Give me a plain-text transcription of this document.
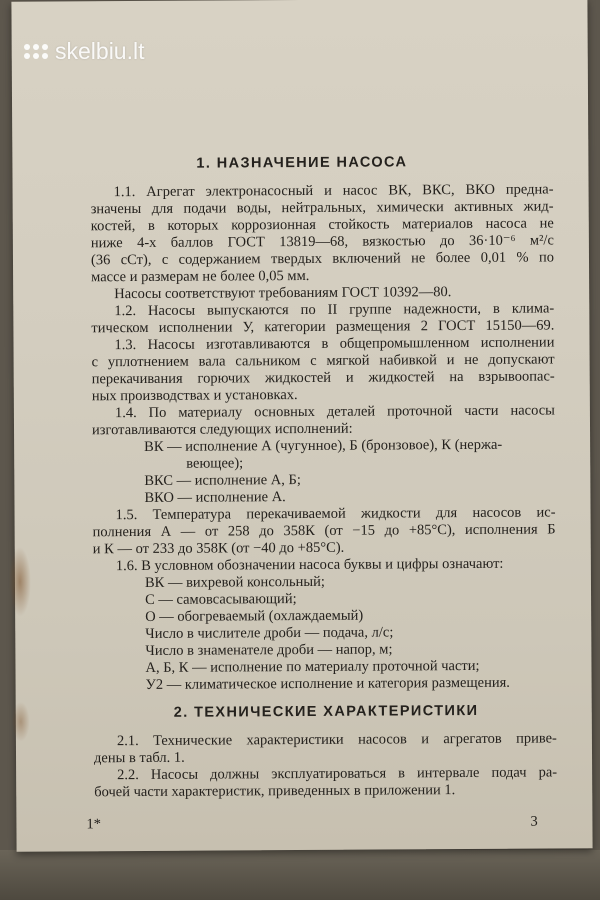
1. НАЗНАЧЕНИЕ НАСОСА
1.1. Агрегат электронасосный и насос ВК, ВКС, ВКО предна-
значены для подачи воды, нейтральных, химически активных жид-
костей, в которых коррозионная стойкость материалов насоса не
ниже 4-х баллов ГОСТ 13819—68, вязкостью до 36·10⁻⁶ м²/с
(36 сСт), с содержанием твердых включений не более 0,01 % по
массе и размерам не более 0,05 мм.
Насосы соответствуют требованиям ГОСТ 10392—80.
1.2. Насосы выпускаются по II группе надежности, в клима-
тическом исполнении У, категории размещения 2 ГОСТ 15150—69.
1.3. Насосы изготавливаются в общепромышленном исполнении
с уплотнением вала сальником с мягкой набивкой и не допускают
перекачивания горючих жидкостей и жидкостей на взрывоопас-
ных производствах и установках.
1.4. По материалу основных деталей проточной части насосы
изготавливаются следующих исполнений:
ВК — исполнение А (чугунное), Б (бронзовое), К (нержа-
веющее);
ВКС — исполнение А, Б;
ВКО — исполнение А.
1.5. Температура перекачиваемой жидкости для насосов ис-
полнения А — от 258 до 358К (от −15 до +85°С), исполнения Б
и К — от 233 до 358К (от −40 до +85°С).
1.6. В условном обозначении насоса буквы и цифры означают:
ВК — вихревой консольный;
С — самовсасывающий;
О — обогреваемый (охлаждаемый)
Число в числителе дроби — подача, л/с;
Число в знаменателе дроби — напор, м;
А, Б, К — исполнение по материалу проточной части;
У2 — климатическое исполнение и категория размещения.
2. ТЕХНИЧЕСКИЕ ХАРАКТЕРИСТИКИ
2.1. Технические характеристики насосов и агрегатов приве-
дены в табл. 1.
2.2. Насосы должны эксплуатироваться в интервале подач ра-
бочей части характеристик, приведенных в приложении 1.
1*	3
skelbiu.lt
